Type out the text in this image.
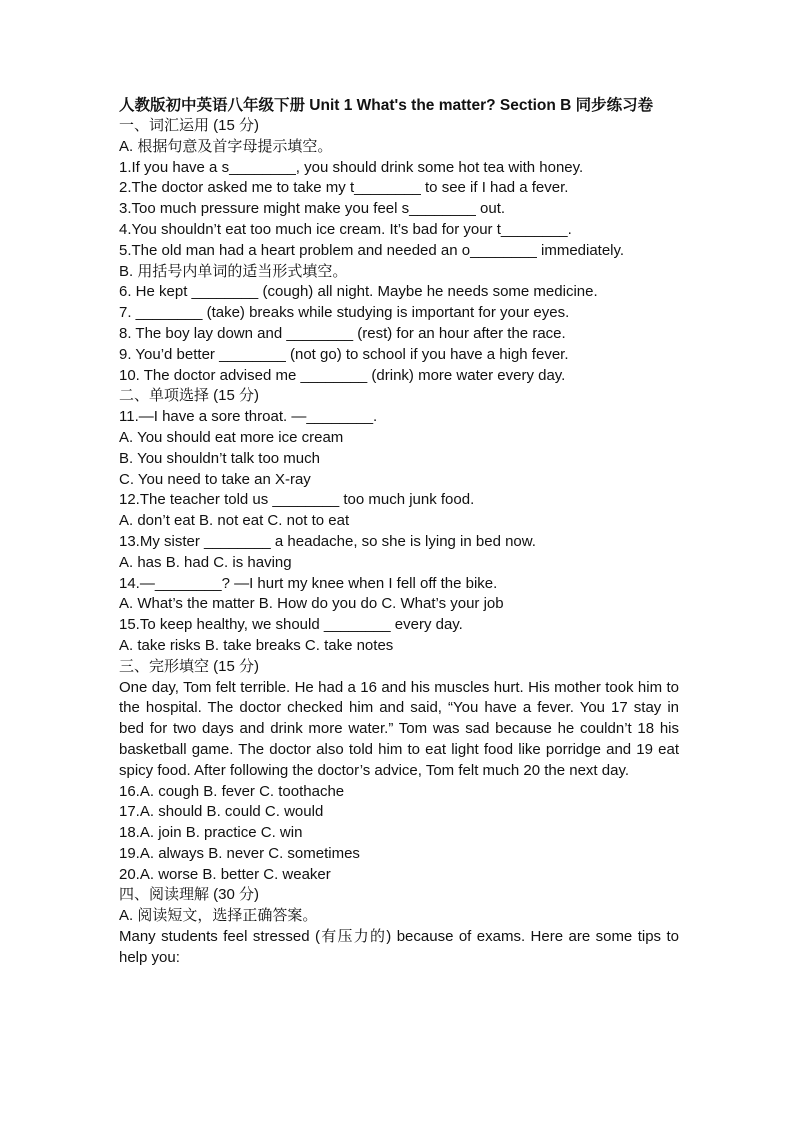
人教版初中英语八年级下册 Unit 1 What's the matter? Section B 同步练习卷
一、词汇运用 (15 分)
A. 根据句意及首字母提示填空。
1.If you have a s________, you should drink some hot tea with honey.
2.The doctor asked me to take my t________ to see if I had a fever.
3.Too much pressure might make you feel s________ out.
4.You shouldn’t eat too much ice cream. It’s bad for your t________.
5.The old man had a heart problem and needed an o________ immediately.
B. 用括号内单词的适当形式填空。
6. He kept ________ (cough) all night. Maybe he needs some medicine.
7. ________ (take) breaks while studying is important for your eyes.
8. The boy lay down and ________ (rest) for an hour after the race.
9. You’d better ________ (not go) to school if you have a high fever.
10. The doctor advised me ________ (drink) more water every day.
二、单项选择 (15 分)
11.—I have a sore throat. —________.
A. You should eat more ice cream
B. You shouldn’t talk too much
C. You need to take an X-ray
12.The teacher told us ________ too much junk food.
A. don’t eat B. not eat C. not to eat
13.My sister ________ a headache, so she is lying in bed now.
A. has B. had C. is having
14.—________? —I hurt my knee when I fell off the bike.
A. What’s the matter B. How do you do C. What’s your job
15.To keep healthy, we should ________ every day.
A. take risks B. take breaks C. take notes
三、完形填空 (15 分)
One day, Tom felt terrible. He had a 16 and his muscles hurt. His mother took him to the hospital. The doctor checked him and said, “You have a fever. You 17 stay in bed for two days and drink more water.” Tom was sad because he couldn’t 18 his basketball game. The doctor also told him to eat light food like porridge and 19 eat spicy food. After following the doctor’s advice, Tom felt much 20 the next day.
16.A. cough B. fever C. toothache
17.A. should B. could C. would
18.A. join B. practice C. win
19.A. always B. never C. sometimes
20.A. worse B. better C. weaker
四、阅读理解 (30 分)
A. 阅读短文，选择正确答案。
Many students feel stressed (有压力的) because of exams. Here are some tips to help you:
